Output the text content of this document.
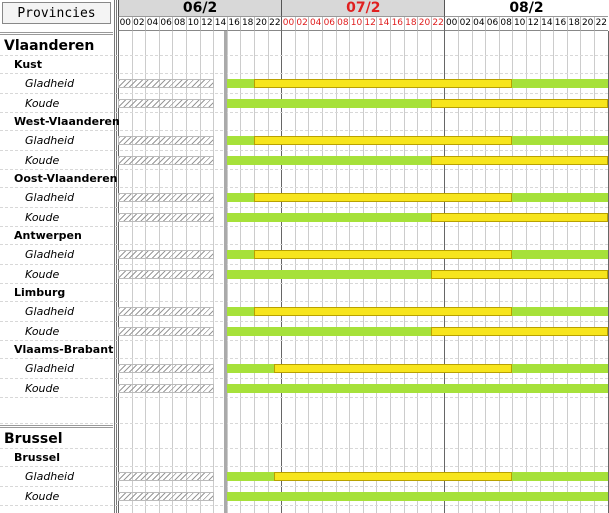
Provincies	06/2
00 02 04 06 08 10 12 14 16 18 20 22
07/2
00 02 04 06 08 10 12 14 16 18 20 22
08/2
00 02 04 06 08 10 12 14 16 18 20 22
Vlaanderen
Kust
Gladheid
Koude
West-Vlaanderen
Gladheid
Koude
Oost-Vlaanderen
Gladheid
Koude
Antwerpen
Gladheid
Koude
Limburg
Gladheid
Koude
Vlaams-Brabant
Gladheid
Koude
Brussel
Brussel
Gladheid
Koude
